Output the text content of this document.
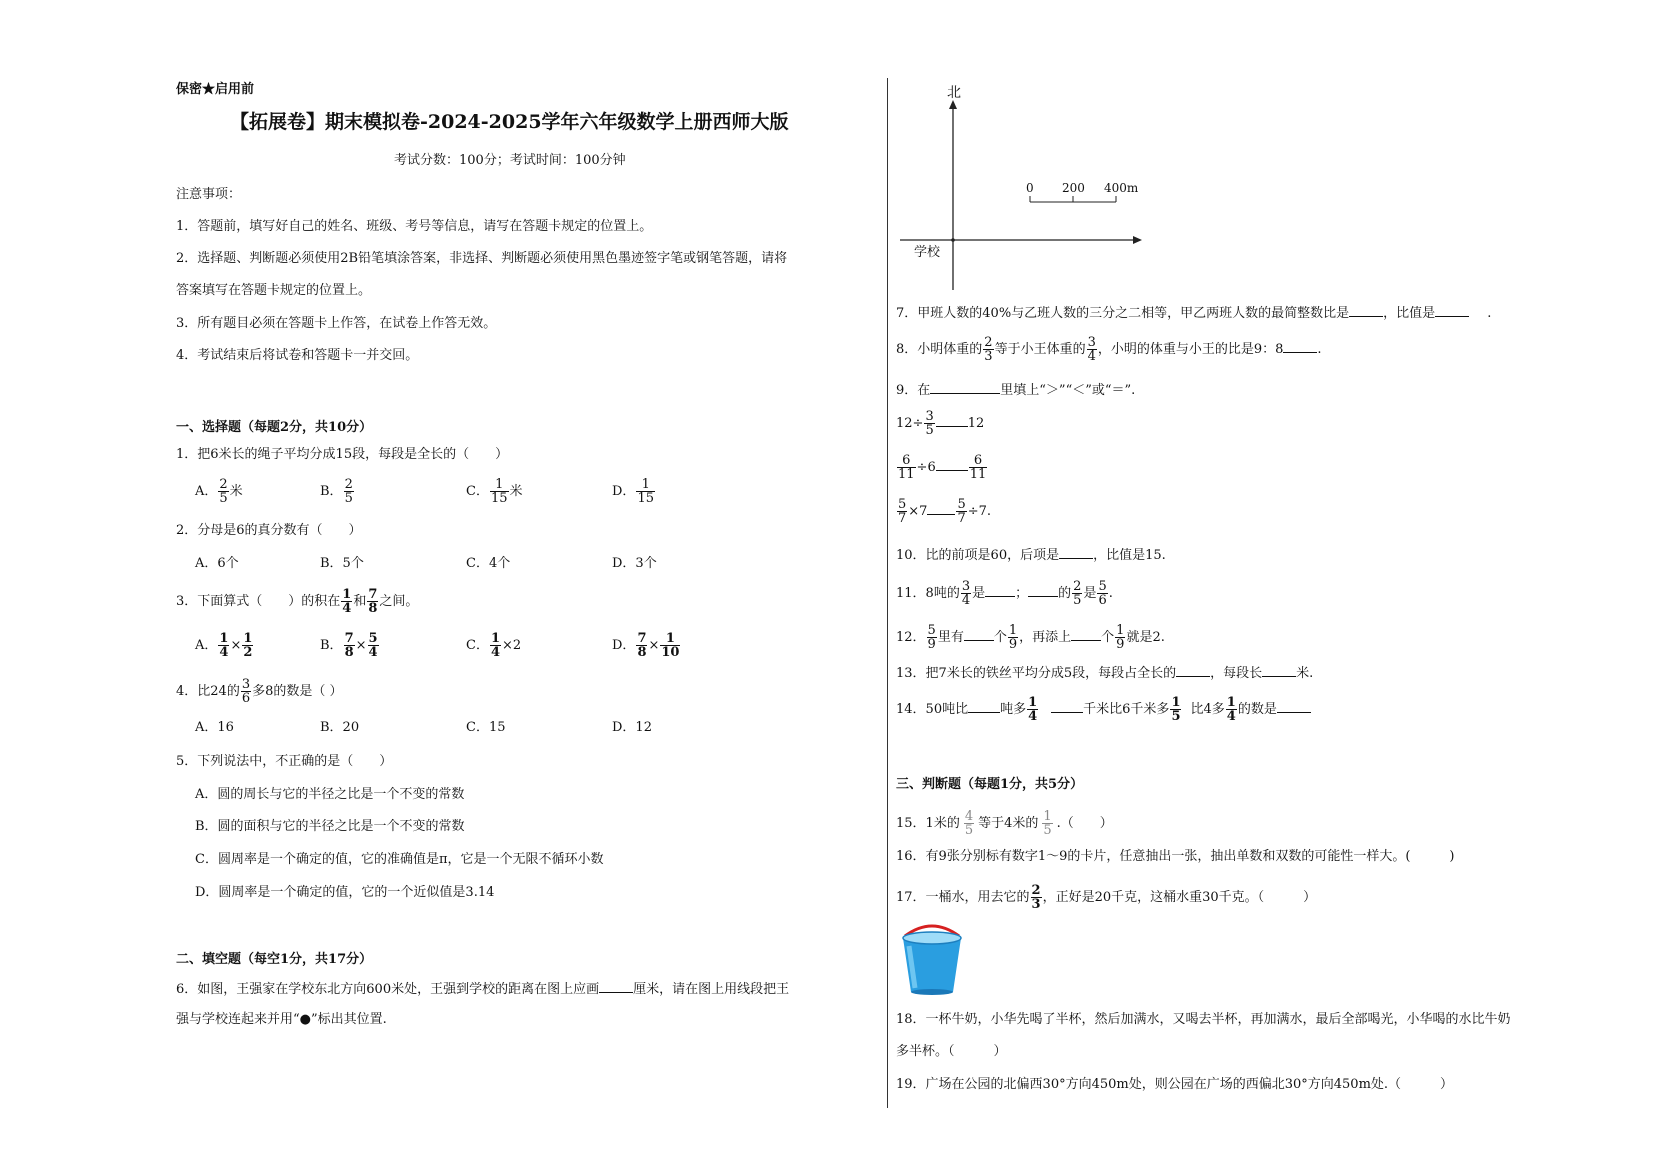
保密★启用前
【拓展卷】期末模拟卷-2024-2025学年六年级数学上册西师大版
考试分数：100分；考试时间：100分钟
注意事项：
1．答题前，填写好自己的姓名、班级、考号等信息，请写在答题卡规定的位置上。
2．选择题、判断题必须使用2B铅笔填涂答案，非选择、判断题必须使用黑色墨迹签字笔或钢笔答题，请将
答案填写在答题卡规定的位置上。
3．所有题目必须在答题卡上作答，在试卷上作答无效。
4．考试结束后将试卷和答题卡一并交回。
一、选择题（每题2分，共10分）
1．把6米长的绳子平均分成15段，每段是全长的（　　）
A． $\frac{2}{5}$ 米	B． $\frac{2}{5}$	C． $\frac{1}{15}$ 米	D． $\frac{1}{15}$
2．分母是6的真分数有（　　）
A．6个	B．5个	C．4个	D．3个
3．下面算式（　　）的积在 $\frac{1}{4}$ 和 $\frac{7}{8}$ 之间。
A． $\frac{1}{4} \times \frac{1}{2}$	B． $\frac{7}{8} \times \frac{5}{4}$	C． $\frac{1}{4} \times 2$	D． $\frac{7}{8} \times \frac{1}{10}$
4．比24的 $\frac{3}{6}$ 多8的数是（ ）
A．16	B．20	C．15	D．12
5．下列说法中，不正确的是（　　）
A．圆的周长与它的半径之比是一个不变的常数
B．圆的面积与它的半径之比是一个不变的常数
C．圆周率是一个确定的值，它的准确值是π，它是一个无限不循环小数
D．圆周率是一个确定的值，它的一个近似值是3.14
二、填空题（每空1分，共17分）
6．如图，王强家在学校东北方向600米处，王强到学校的距离在图上应画	厘米，请在图上用线段把王
强与学校连起来并用“●”标出其位置.
北
学校
0 200 400m
7．甲班人数的40%与乙班人数的三分之二相等，甲乙两班人数的最简整数比是	，比值是	.
8．小明体重的 $\frac{2}{3}$ 等于小王体重的 $\frac{3}{4}$ ，小明的体重与小王的比是9：8	.
9．在	里填上“＞”“＜”或“＝”.
$12\div \frac{3}{5}$	12
$\frac{6}{11} \div 6$	$\frac{6}{11}$
$\frac{5}{7} \times 7 \frac{5}{7} \div 7$.
10．比的前项是60，后项是	，比值是15.
11．8吨的 $\frac{3}{4}$ 是 ； 的 $\frac{2}{5}$ 是 $\frac{5}{6}$ .
12． $\frac{5}{9}$ 里有 个 $\frac{1}{9}$ ，再添上 个 $\frac{1}{9}$ 就是2.
13．把7米长的铁丝平均分成5段，每段占全长的	，每段长	米.
14．50吨比 吨多 $\frac{1}{4}$	千米比6千米多 $\frac{1}{5}$ 比4多 $\frac{1}{4}$ 的数是
三、判断题（每题1分，共5分）
15．1米的 $\frac{4}{5}$ 等于4米的 $\frac{1}{5}$ .（　　）
16．有9张分别标有数字1～9的卡片，任意抽出一张，抽出单数和双数的可能性一样大。(　　　)
17．一桶水，用去它的 $\frac{2}{3}$ ，正好是20千克，这桶水重30千克。（　　　）
18．一杯牛奶，小华先喝了半杯，然后加满水，又喝去半杯，再加满水，最后全部喝光，小华喝的水比牛奶
多半杯。（　　　）
19．广场在公园的北偏西30°方向450m处，则公园在广场的西偏北30°方向450m处.（　　　）
